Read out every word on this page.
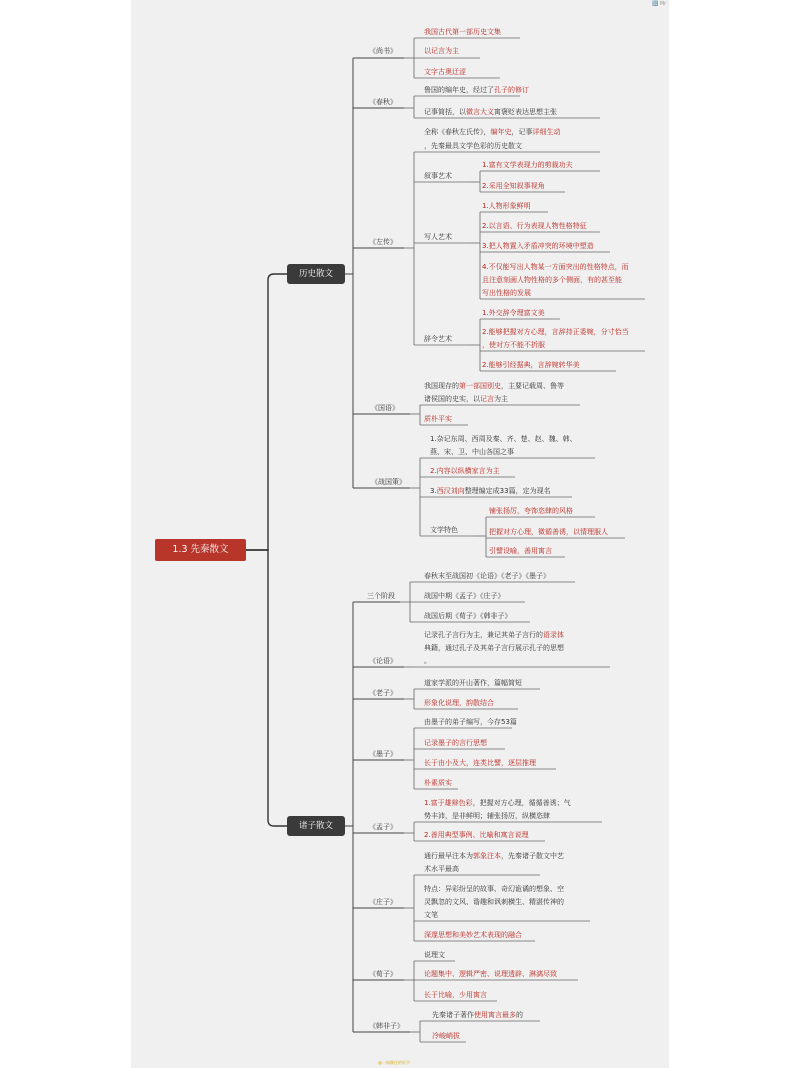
🔣 Mr
@一如既往的好学
1.3 先秦散文
历史散文
诸子散文
《尚书》
我国古代第一部历史文集
以记言为主
文字古奥迂涩
《春秋》
鲁国的编年史，经过了孔子的修订
记事简括，以微言大义寓褒贬表达思想主张
《左传》
全称《春秋左氏传》，编年史，记事详细生动
，先秦最具文学色彩的历史散文
叙事艺术
1.富有文学表现力的剪裁功夫
2.采用全知叙事视角
写人艺术
1.人物形象鲜明
2.以言语、行为表现人物性格特征
3.把人物置入矛盾冲突的环境中塑造
4.不仅能写出人物某一方面突出的性格特点，而
且注意刻画人物性格的多个侧面，有的甚至能
写出性格的发展
辞令艺术
1.外交辞令理富文美
2.能够把握对方心理，言辞持正委婉，分寸恰当
，使对方不能不折服
2.能够引经据典，言辞婉转华美
《国语》
我国现存的第一部国别史，主要记载周、鲁等
诸侯国的史实，以记言为主
质朴平实
《战国策》
1.杂记东周、西周及秦、齐、楚、赵、魏、韩、
燕、宋、卫、中山各国之事
2.内容以纵横家言为主
3.西汉刘向整理编定成33篇，定为现名
文学特色
铺张扬厉，夸饰恣肆的风格
把握对方心理，微循善诱，以情理服人
引譬设喻，善用寓言
三个阶段
春秋末至战国初《论语》《老子》《墨子》
战国中期《孟子》《庄子》
战国后期《荀子》《韩非子》
《论语》
记录孔子言行为主，兼记其弟子言行的语录体
典籍，通过孔子及其弟子言行展示孔子的思想
。
《老子》
道家学派的开山著作，篇幅简短
形象化说理，韵散结合
《墨子》
由墨子的弟子编写，今存53篇
记录墨子的言行思想
长于由小及大，连类比譬，逐层推理
朴素质实
《孟子》
1.富于雄辩色彩，把握对方心理，循循善诱；气
势丰沛，是非鲜明；辅张扬厉，纵横恣肆
2.善用典型事例、比喻和寓言说理
《庄子》
通行最早注本为郭象注本，先秦诸子散文中艺
术水平最高
特点：异彩纷呈的故事、奇幻诡谲的想象、空
灵飘忽的文风、谐趣和讽刺横生、精湛传神的
文笔
深邃思想和美妙艺术表现的融合
《荀子》
说理文
论题集中、逻辑严密、说理透辟、淋漓尽致
长于比喻，少用寓言
《韩非子》
先秦诸子著作使用寓言最多的
冷峻峭拔
